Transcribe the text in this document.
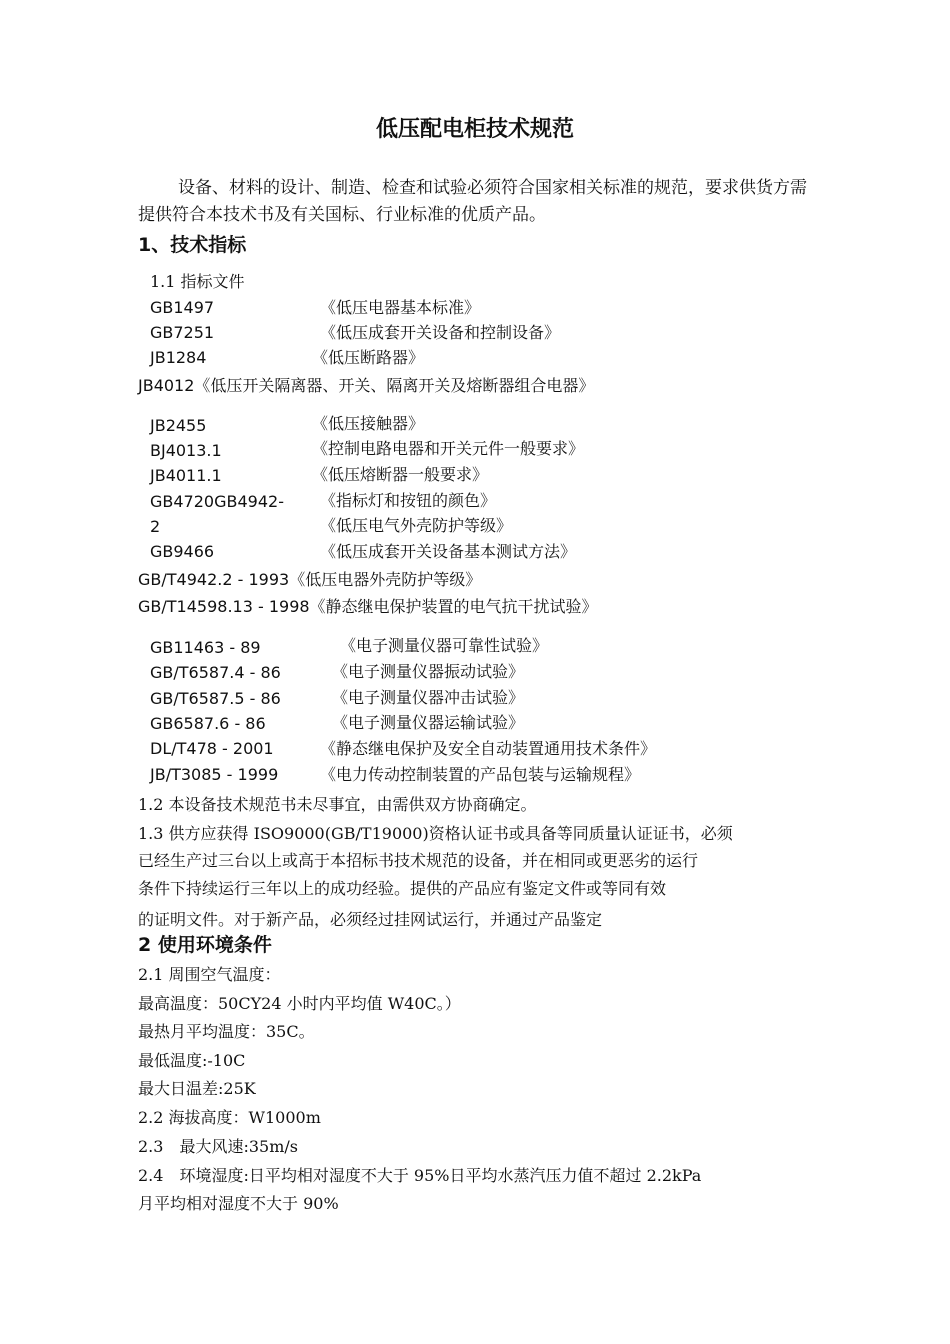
低压配电柜技术规范
设备、材料的设计、制造、检查和试验必须符合国家相关标准的规范，要求供货方需提供符合本技术书及有关国标、行业标准的优质产品。
1、技术指标
1.1 指标文件
GB1497	《低压电器基本标准》
GB7251	《低压成套开关设备和控制设备》
JB1284	《低压断路器》
JB4012《低压开关隔离器、开关、隔离开关及熔断器组合电器》
JB2455	《低压接触器》
BJ4013.1	《控制电路电器和开关元件一般要求》
JB4011.1	《低压熔断器一般要求》
GB4720GB4942- 《指标灯和按钮的颜色》
2	《低压电气外壳防护等级》
GB9466	《低压成套开关设备基本测试方法》
GB/T4942.2 - 1993《低压电器外壳防护等级》
GB/T14598.13 - 1998《静态继电保护装置的电气抗干扰试验》
GB11463 - 89	《电子测量仪器可靠性试验》
GB/T6587.4 - 86	《电子测量仪器振动试验》
GB/T6587.5 - 86	《电子测量仪器冲击试验》
GB6587.6 - 86	《电子测量仪器运输试验》
DL/T478 - 2001	《静态继电保护及安全自动装置通用技术条件》
JB/T3085 - 1999	《电力传动控制装置的产品包装与运输规程》
1.2 本设备技术规范书未尽事宜，由需供双方协商确定。
1.3 供方应获得 ISO9000(GB/T19000)资格认证书或具备等同质量认证证书，必须
已经生产过三台以上或高于本招标书技术规范的设备，并在相同或更恶劣的运行
条件下持续运行三年以上的成功经验。提供的产品应有鉴定文件或等同有效
的证明文件。对于新产品，必须经过挂网试运行，并通过产品鉴定
2 使用环境条件
2.1 周围空气温度：
最高温度：50CY24 小时内平均值 W40C。）
最热月平均温度：35C。
最低温度:-10C
最大日温差:25K
2.2 海拔高度：W1000m
2.3　最大风速:35m/s
2.4　环境湿度:日平均相对湿度不大于 95%日平均水蒸汽压力值不超过 2.2kPa
月平均相对湿度不大于 90%
